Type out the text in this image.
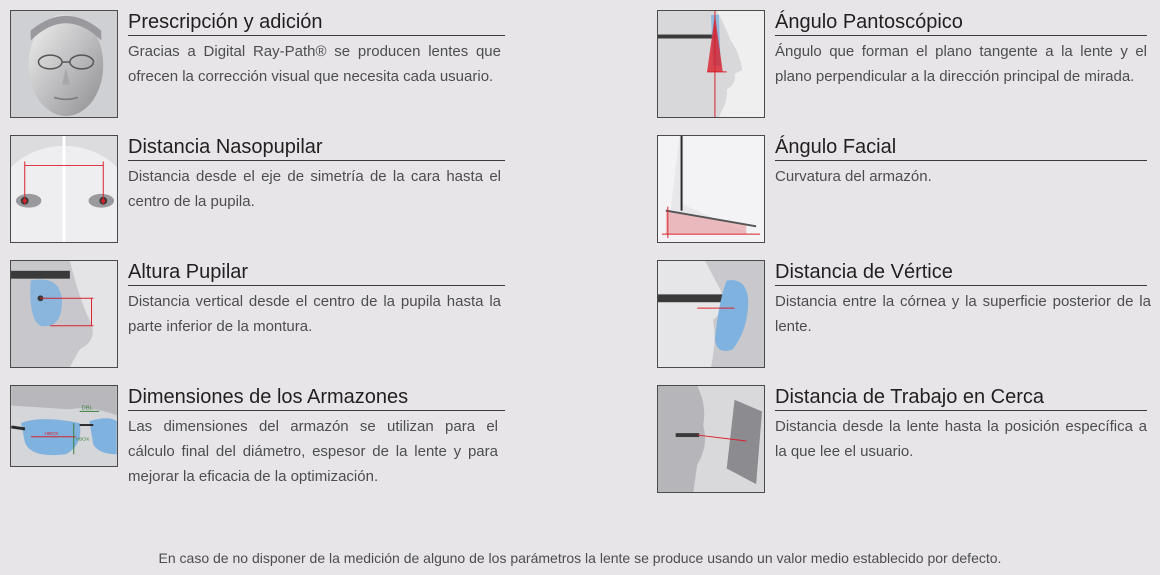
Prescripción y adición
Gracias a Digital Ray-Path® se producen lentes que ofrecen la corrección visual que necesita cada usuario.
Distancia Nasopupilar
Distancia desde el eje de simetría de la cara hasta el centro de la pupila.
Altura Pupilar
Distancia vertical desde el centro de la pupila hasta la parte inferior de la montura.
DBL
HBOX
VBOX
Dimensiones de los Armazones
Las dimensiones del armazón se utilizan para el cálculo final del diámetro, espesor de la lente y para mejorar la eficacia de la optimización.
Ángulo Pantoscópico
Ángulo que forman el plano tangente a la lente y el plano perpendicular a la dirección principal de mirada.
Ángulo Facial
Curvatura del armazón.
Distancia de Vértice
Distancia entre la córnea y la superficie posterior de la lente.
Distancia de Trabajo en Cerca
Distancia desde la lente hasta la posición específica a la que lee el usuario.
En caso de no disponer de la medición de alguno de los parámetros la lente se produce usando un valor medio establecido por defecto.
